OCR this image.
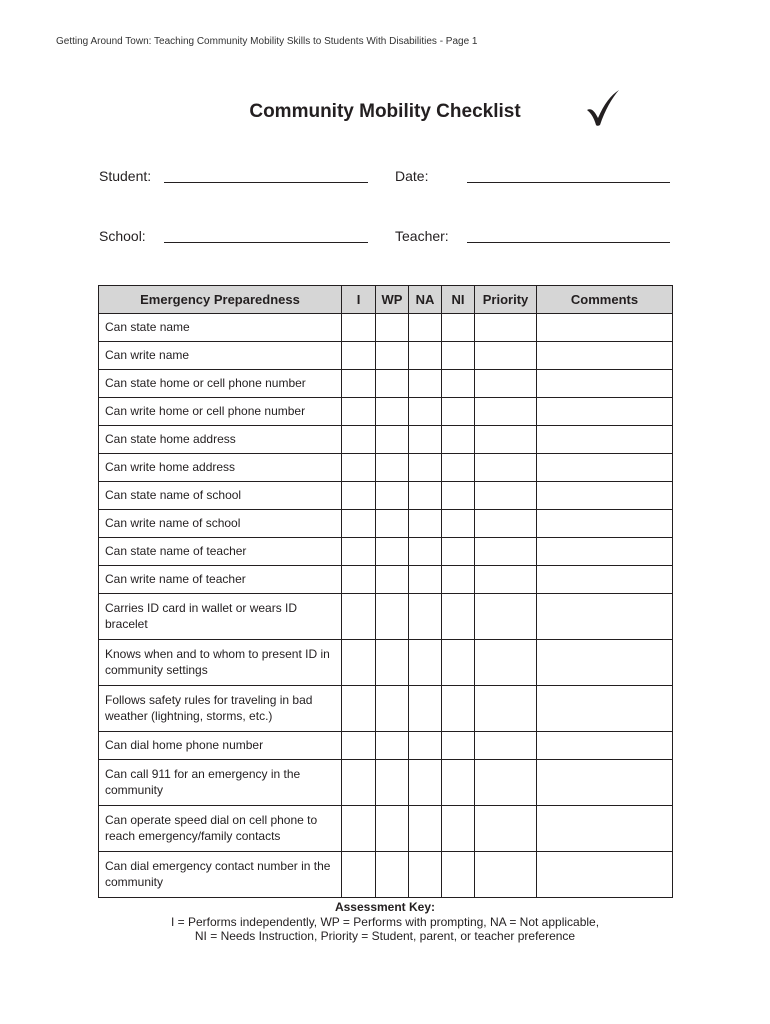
Getting Around Town: Teaching Community Mobility Skills to Students With Disabilities - Page 1
Community Mobility Checklist
Student:	Date:
School:	Teacher:
Emergency Preparedness	I	WP	NA	NI	Priority	Comments
Can state name						
Can write name						
Can state home or cell phone number						
Can write home or cell phone number						
Can state home address						
Can write home address						
Can state name of school						
Can write name of school						
Can state name of teacher						
Can write name of teacher						
Carries ID card in wallet or wears ID bracelet						
Knows when and to whom to present ID in community settings						
Follows safety rules for traveling in bad weather (lightning, storms, etc.)						
Can dial home phone number						
Can call 911 for an emergency in the community						
Can operate speed dial on cell phone to reach emergency/family contacts						
Can dial emergency contact number in the community						
Assessment Key:
I = Performs independently, WP = Performs with prompting, NA = Not applicable,
NI = Needs Instruction, Priority = Student, parent, or teacher preference
